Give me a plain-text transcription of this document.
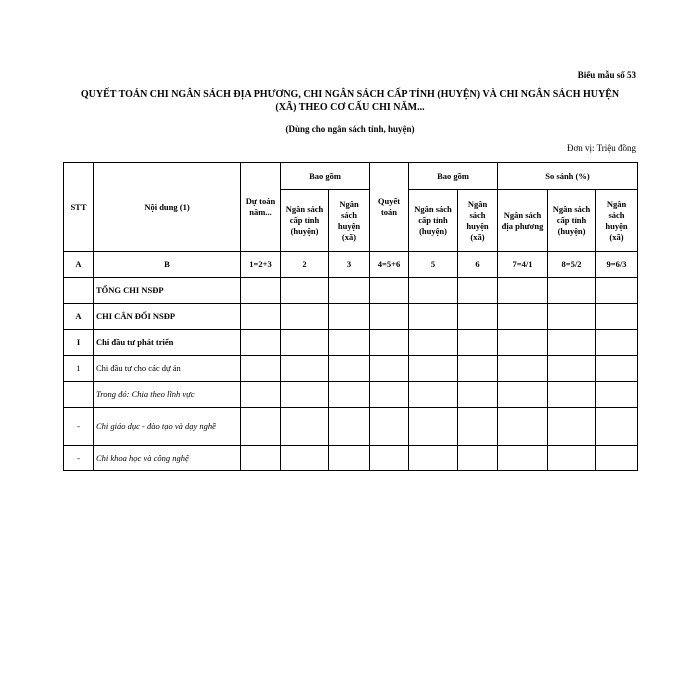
Biểu mẫu số 53
QUYẾT TOÁN CHI NGÂN SÁCH ĐỊA PHƯƠNG, CHI NGÂN SÁCH CẤP TỈNH (HUYỆN) VÀ CHI NGÂN SÁCH HUYỆN (XÃ) THEO CƠ CẤU CHI NĂM...
(Dùng cho ngân sách tỉnh, huyện)
Đơn vị: Triệu đồng
STT	Nội dung (1)	Dự toán năm...	Bao gồm		Quyết toán	Bao gồm		So sánh (%)		
			Ngân sách cấp tỉnh (huyện)	Ngân sách huyện (xã)		Ngân sách cấp tỉnh (huyện)	Ngân sách huyện (xã)	Ngân sách địa phương	Ngân sách cấp tỉnh (huyện)	Ngân sách huyện (xã)
A	B	1=2+3	2	3	4=5+6	5	6	7=4/1	8=5/2	9=6/3
	TỔNG CHI NSĐP									
A	CHI CÂN ĐỐI NSĐP									
I	Chi đầu tư phát triển									
1	Chi đầu tư cho các dự án									
	Trong đó: Chia theo lĩnh vực									
-	Chi giáo dục - đào tạo và dạy nghề									
-	Chi khoa học và công nghệ									
